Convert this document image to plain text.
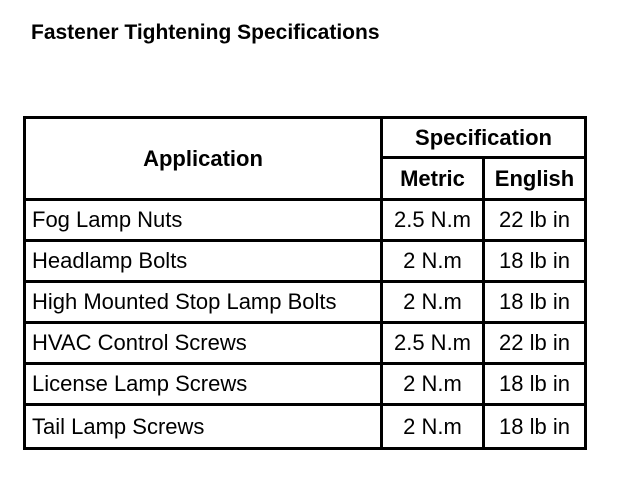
Fastener Tightening Specifications
Application	Specification	
	Metric	English
Fog Lamp Nuts	2.5 N.m	22 lb in
Headlamp Bolts	2 N.m	18 lb in
High Mounted Stop Lamp Bolts	2 N.m	18 lb in
HVAC Control Screws	2.5 N.m	22 lb in
License Lamp Screws	2 N.m	18 lb in
Tail Lamp Screws	2 N.m	18 lb in
